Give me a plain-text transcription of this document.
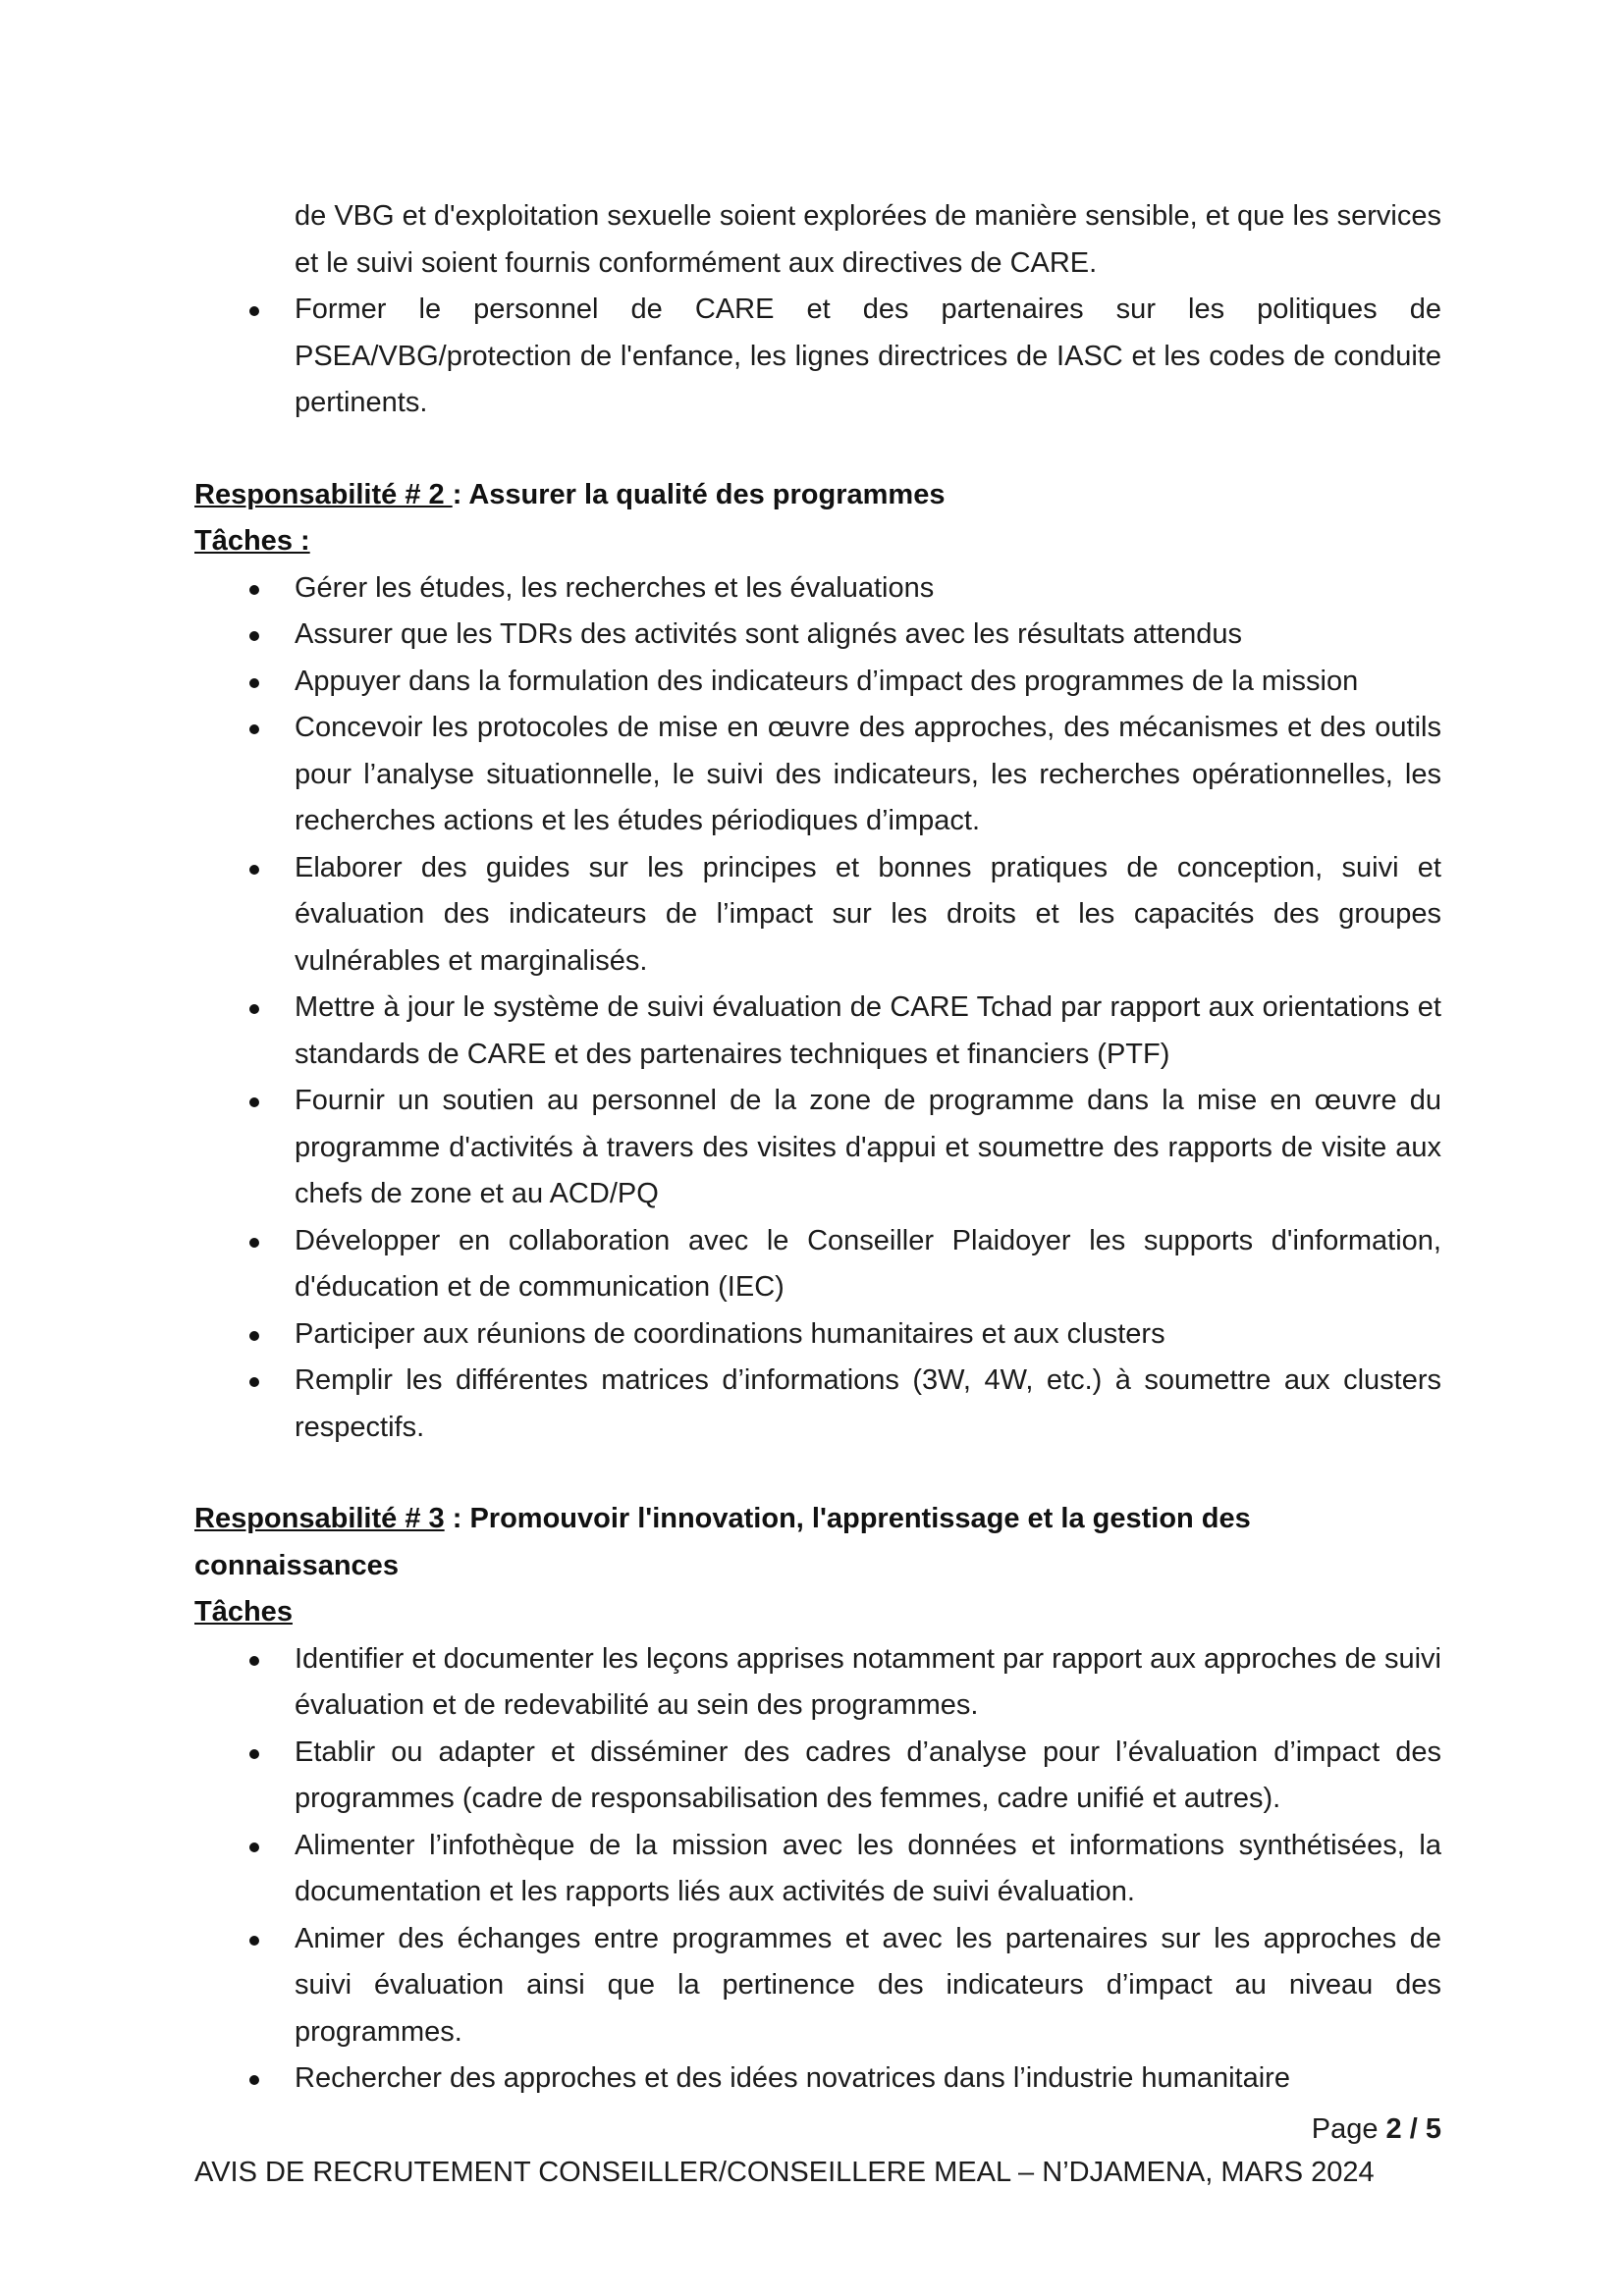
de VBG et d'exploitation sexuelle soient explorées de manière sensible, et que les services et le suivi soient fournis conformément aux directives de CARE.

Former le personnel de CARE et des partenaires sur les politiques de PSEA/VBG/protection de l'enfance, les lignes directrices de IASC et les codes de conduite pertinents.

Responsabilité # 2 : Assurer la qualité des programmes

Tâches :

Gérer les études, les recherches et les évaluations
Assurer que les TDRs des activités sont alignés avec les résultats attendus
Appuyer dans la formulation des indicateurs d’impact des programmes de la mission
Concevoir les protocoles de mise en œuvre des approches, des mécanismes et des outils pour l’analyse situationnelle, le suivi des indicateurs, les recherches opérationnelles, les recherches actions et les études périodiques d’impact.
Elaborer des guides sur les principes et bonnes pratiques de conception, suivi et évaluation des indicateurs de l’impact sur les droits et les capacités des groupes vulnérables et marginalisés.
Mettre à jour le système de suivi évaluation de CARE Tchad par rapport aux orientations et standards de CARE et des partenaires techniques et financiers (PTF)
Fournir un soutien au personnel de la zone de programme dans la mise en œuvre du programme d'activités à travers des visites d'appui et soumettre des rapports de visite aux chefs de zone et au ACD/PQ
Développer en collaboration avec le Conseiller Plaidoyer les supports d'information, d'éducation et de communication (IEC)
Participer aux réunions de coordinations humanitaires et aux clusters
Remplir les différentes matrices d’informations (3W, 4W, etc.) à soumettre aux clusters respectifs.

Responsabilité # 3 : Promouvoir l'innovation, l'apprentissage et la gestion des connaissances

Tâches

Identifier et documenter les leçons apprises notamment par rapport aux approches de suivi évaluation et de redevabilité au sein des programmes.
Etablir ou adapter et disséminer des cadres d’analyse pour l’évaluation d’impact des programmes (cadre de responsabilisation des femmes, cadre unifié et autres).
Alimenter l’infothèque de la mission avec les données et informations synthétisées, la documentation et les rapports liés aux activités de suivi évaluation.
Animer des échanges entre programmes et avec les partenaires sur les approches de suivi évaluation ainsi que la pertinence des indicateurs d’impact au niveau des programmes.
Rechercher des approches et des idées novatrices dans l’industrie humanitaire
Page 2 / 5
AVIS DE RECRUTEMENT CONSEILLER/CONSEILLERE MEAL – N’DJAMENA, MARS 2024
